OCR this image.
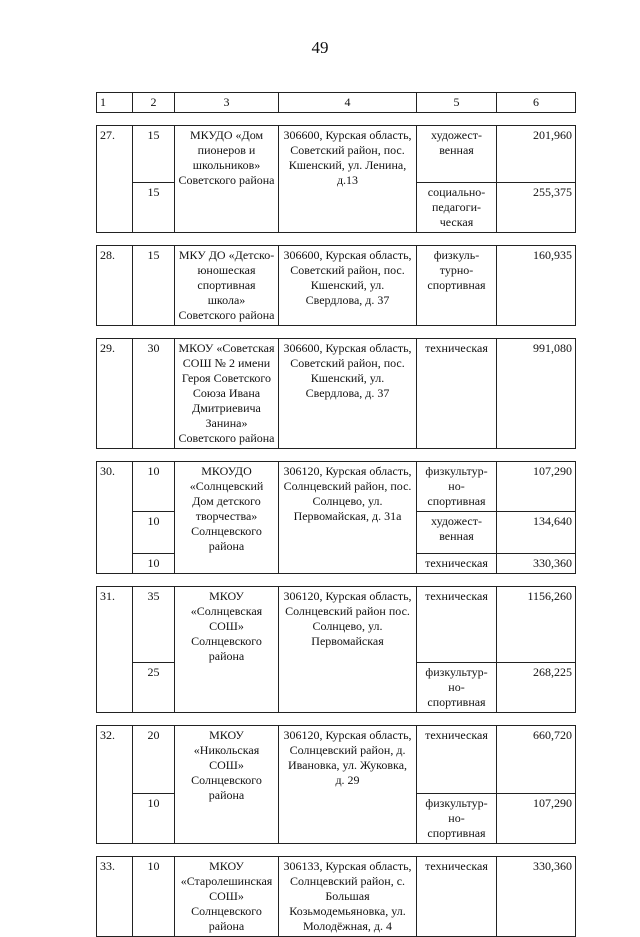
49
1	2	3	4	5	6

27.	15	МКУДО «Дом пионеров и школьников» Советского района	306600, Курская область, Советский район, пос. Кшенский, ул. Ленина, д.13	художест-венная	201,960
	15			социально-педагоги-ческая	255,375

28.	15	МКУ ДО «Детско-юношеская спортивная школа» Советского района	306600, Курская область, Советский район, пос. Кшенский, ул. Свердлова, д. 37	физкуль-турно-спортивная	160,935

29.	30	МКОУ «Советская СОШ № 2 имени Героя Советского Союза Ивана Дмитриевича Занина» Советского района	306600, Курская область, Советский район, пос. Кшенский, ул. Свердлова, д. 37	техническая	991,080

30.	10	МКОУДО «Солнцевский Дом детского творчества» Солнцевского района	306120, Курская область, Солнцевский район, пос. Солнцево, ул. Первомайская, д. 31а	физкультур-но-спортивная	107,290
	10			художест-венная	134,640
	10			техническая	330,360

31.	35	МКОУ «Солнцевская СОШ» Солнцевского района	306120, Курская область, Солнцевский район пос. Солнцево, ул. Первомайская	техническая	1156,260
	25			физкультур-но-спортивная	268,225

32.	20	МКОУ «Никольская СОШ» Солнцевского района	306120, Курская область, Солнцевский район, д. Ивановка, ул. Жуковка, д. 29	техническая	660,720
	10			физкультур-но-спортивная	107,290

33.	10	МКОУ «Старолешинская СОШ» Солнцевского района	306133, Курская область, Солнцевский район, с. Большая Козьмодемьяновка, ул. Молодёжная, д. 4	техническая	330,360
